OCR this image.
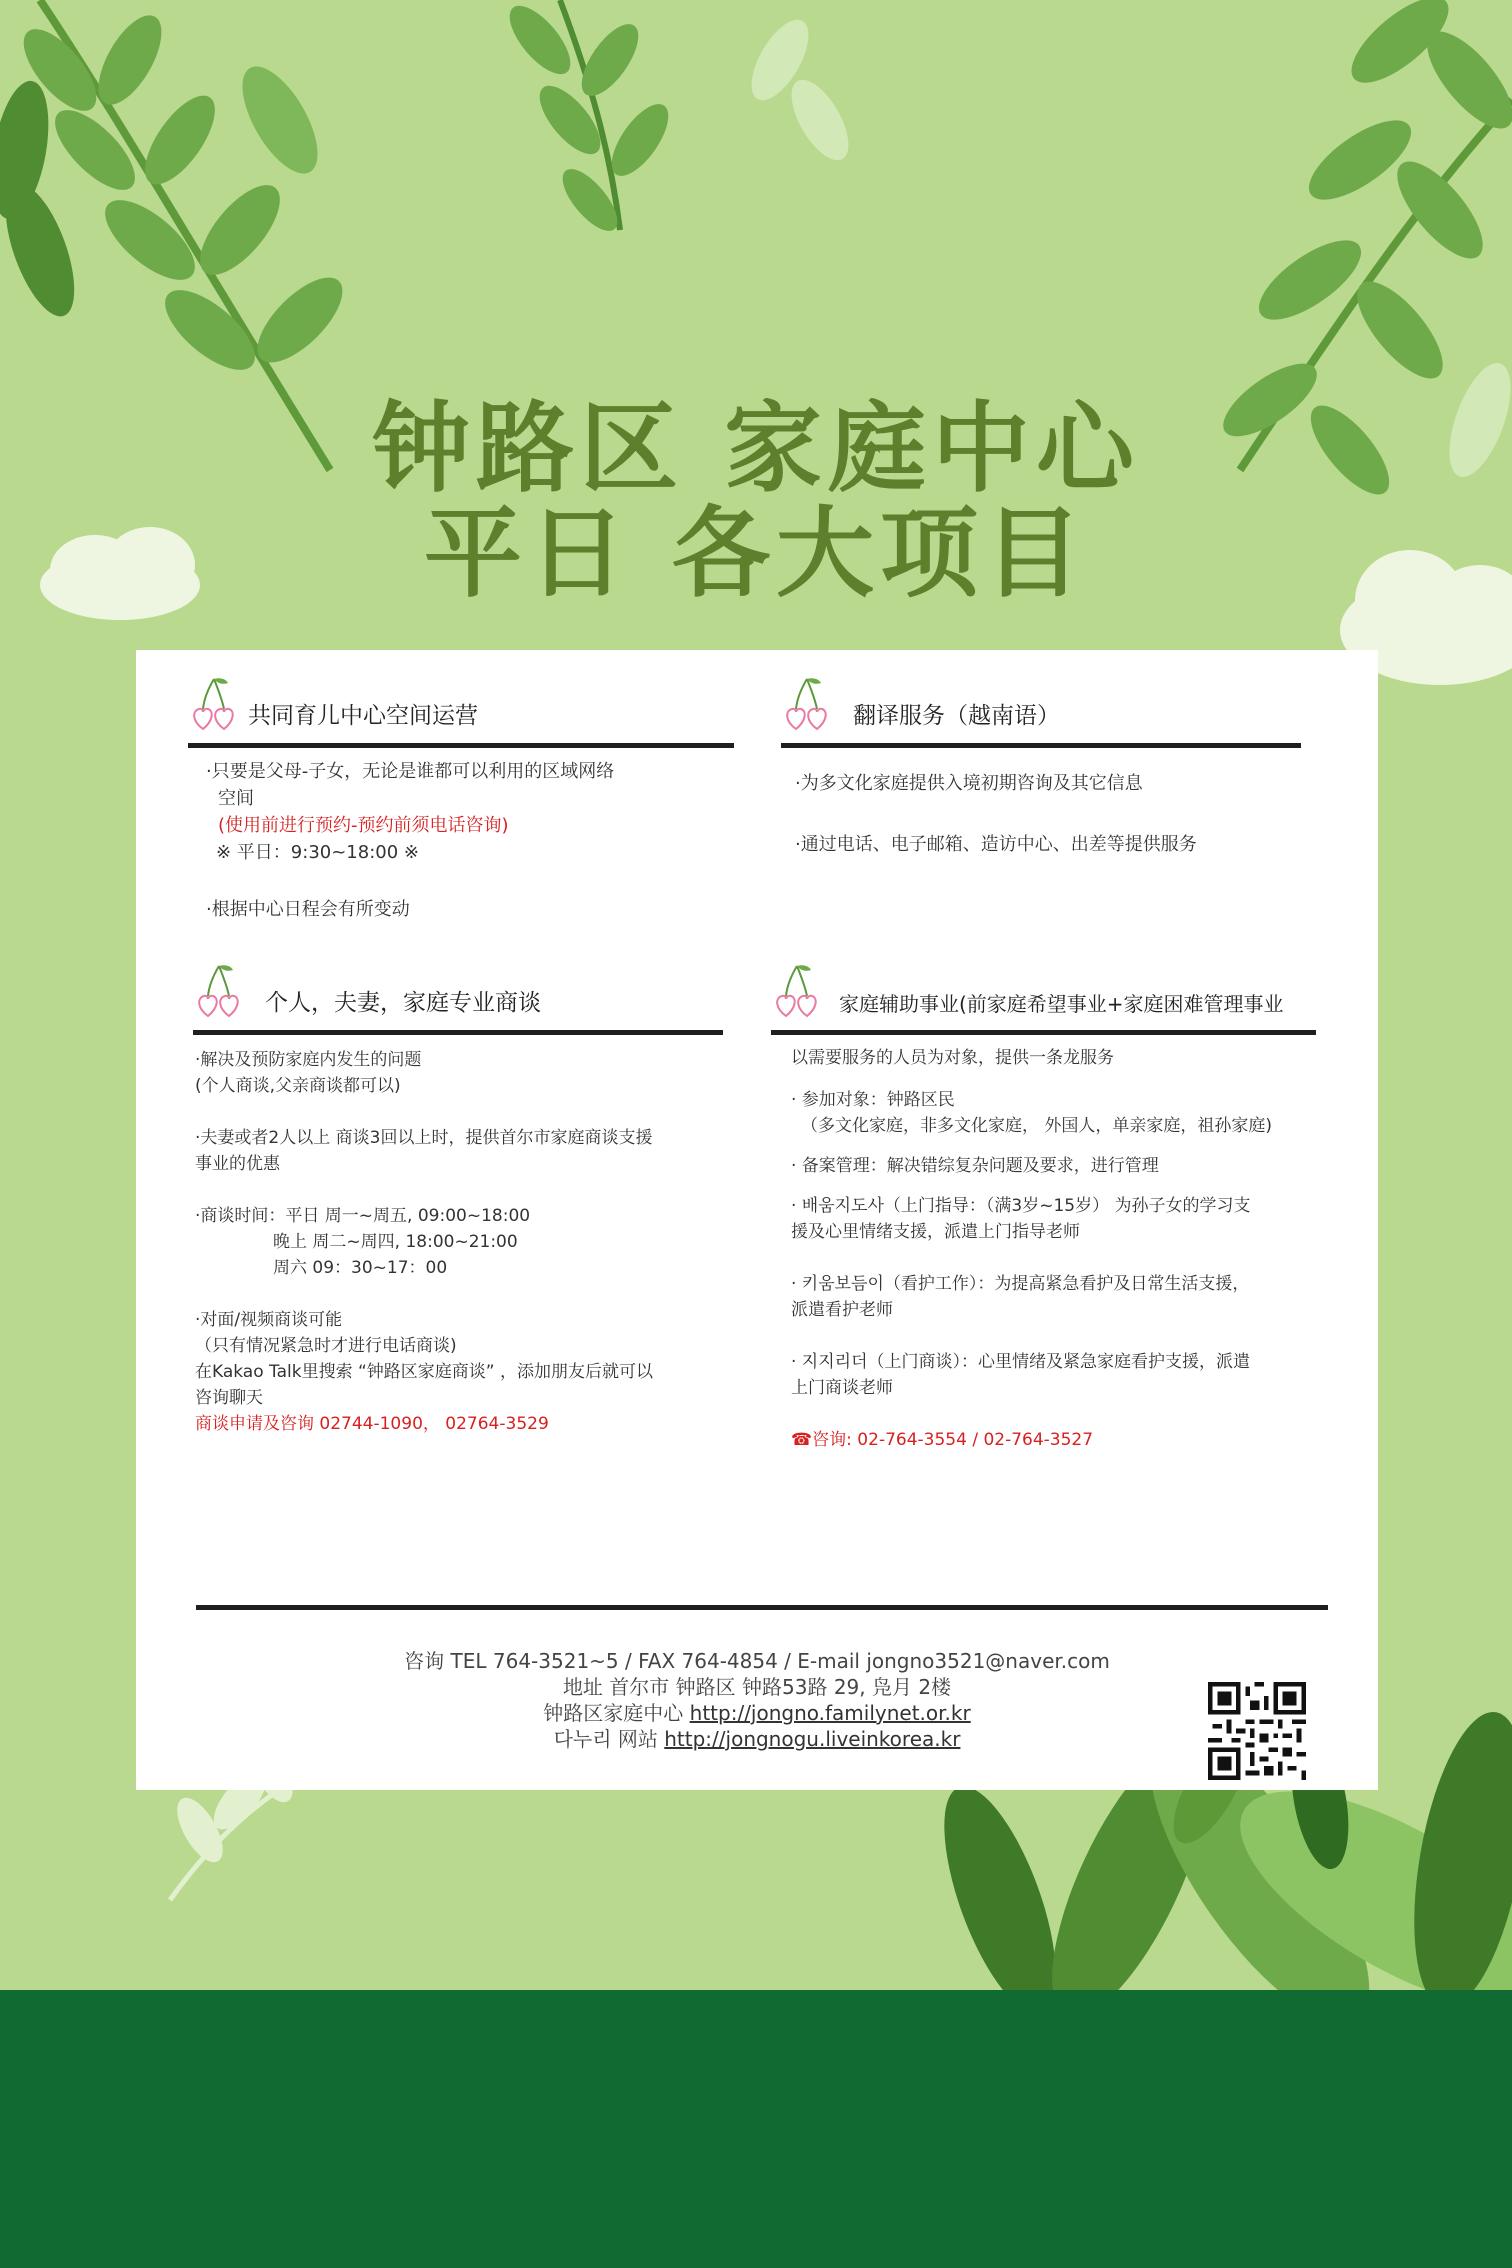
钟路区 家庭中心
平日 各大项目
共同育儿中心空间运营
·只要是父母-子女，无论是谁都可以利用的区域网络
空间
(使用前进行预约-预约前须电话咨询)
※ 平日：9:30~18:00 ※
·根据中心日程会有所变动
翻译服务（越南语）
·为多文化家庭提供入境初期咨询及其它信息
·通过电话、电子邮箱、造访中心、出差等提供服务
个人，夫妻，家庭专业商谈
·解决及预防家庭内发生的问题
(个人商谈,父亲商谈都可以)
·夫妻或者2人以上 商谈3回以上时，提供首尔市家庭商谈支援
事业的优惠
·商谈时间：平日 周一~周五, 09:00~18:00
晚上 周二~周四, 18:00~21:00
周六 09：30~17：00
·对面/视频商谈可能
（只有情况紧急时才进行电话商谈)
在Kakao Talk里搜索 “钟路区家庭商谈” ，添加朋友后就可以
咨询聊天
商谈申请及咨询 02744-1090， 02764-3529
家庭辅助事业(前家庭希望事业+家庭困难管理事业
以需要服务的人员为对象，提供一条龙服务
· 参加对象：钟路区民
（多文化家庭，非多文化家庭， 外国人，单亲家庭，祖孙家庭)
· 备案管理：解决错综复杂问题及要求，进行管理
· 배움지도사（上门指导：（满3岁~15岁） 为孙子女的学习支
援及心里情绪支援，派遣上门指导老师
· 키움보듬이（看护工作）：为提高紧急看护及日常生活支援，
派遣看护老师
· 지지리더（上门商谈）：心里情绪及紧急家庭看护支援，派遣
上门商谈老师
☎咨询: 02-764-3554 / 02-764-3527
咨询 TEL 764-3521~5 / FAX 764-4854 / E-mail jongno3521@naver.com
地址 首尔市 钟路区 钟路53路 29, 凫月 2楼
钟路区家庭中心 http://jongno.familynet.or.kr
다누리 网站 http://jongnogu.liveinkorea.kr
